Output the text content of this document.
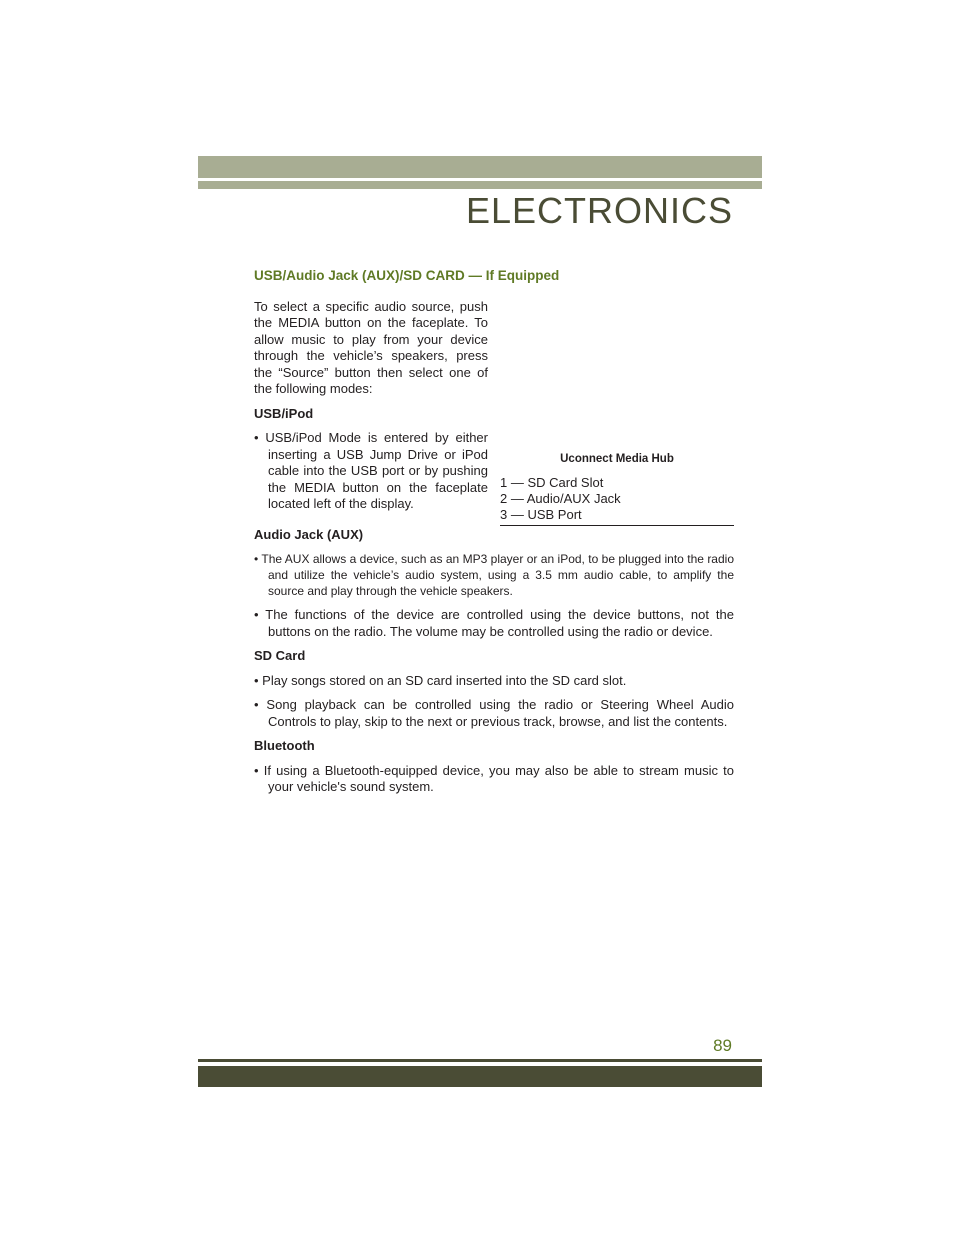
ELECTRONICS
USB/Audio Jack (AUX)/SD CARD — If Equipped

To select a specific audio source, push the MEDIA button on the faceplate. To allow music to play from your device through the vehicle’s speakers, press the “Source” button then select one of the following modes:

USB/iPod
• USB/iPod Mode is entered by either inserting a USB Jump Drive or iPod cable into the USB port or by pushing the MEDIA button on the faceplate located left of the display.
Uconnect Media Hub
1 — SD Card Slot
2 — Audio/AUX Jack
3 — USB Port
Audio Jack (AUX)
• The AUX allows a device, such as an MP3 player or an iPod, to be plugged into the radio and utilize the vehicle’s audio system, using a 3.5 mm audio cable, to amplify the source and play through the vehicle speakers.
• The functions of the device are controlled using the device buttons, not the buttons on the radio. The volume may be controlled using the radio or device.
SD Card
• Play songs stored on an SD card inserted into the SD card slot.
• Song playback can be controlled using the radio or Steering Wheel Audio Controls to play, skip to the next or previous track, browse, and list the contents.
Bluetooth
• If using a Bluetooth-equipped device, you may also be able to stream music to your vehicle's sound system.
89
